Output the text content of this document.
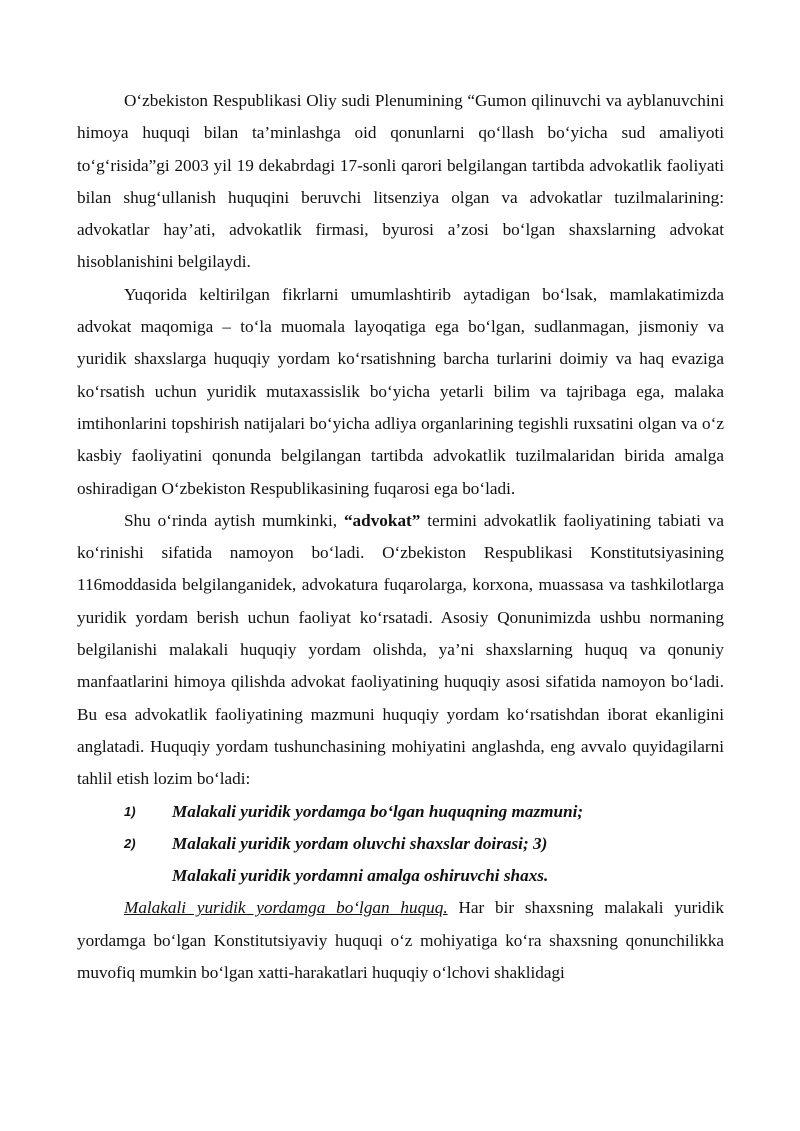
O‘zbekiston Respublikasi Oliy sudi Plenumining “Gumon qilinuvchi va ayblanuvchini himoya huquqi bilan ta’minlashga oid qonunlarni qo‘llash bo‘yicha sud amaliyoti to‘g‘risida”gi 2003 yil 19 dekabrdagi 17-sonli qarori belgilangan tartibda advokatlik faoliyati bilan shug‘ullanish huquqini beruvchi litsenziya olgan va advokatlar tuzilmalarining: advokatlar hay’ati, advokatlik firmasi, byurosi a’zosi bo‘lgan shaxslarning advokat hisoblanishini belgilaydi.

Yuqorida keltirilgan fikrlarni umumlashtirib aytadigan bo‘lsak, mamlakatimizda advokat maqomiga – to‘la muomala layoqatiga ega bo‘lgan, sudlanmagan, jismoniy va yuridik shaxslarga huquqiy yordam ko‘rsatishning barcha turlarini doimiy va haq evaziga ko‘rsatish uchun yuridik mutaxassislik bo‘yicha yetarli bilim va tajribaga ega, malaka imtihonlarini topshirish natijalari bo‘yicha adliya organlarining tegishli ruxsatini olgan va o‘z kasbiy faoliyatini qonunda belgilangan tartibda advokatlik tuzilmalaridan birida amalga oshiradigan O‘zbekiston Respublikasining fuqarosi ega bo‘ladi.

Shu o‘rinda aytish mumkinki, “advokat” termini advokatlik faoliyatining tabiati va ko‘rinishi sifatida namoyon bo‘ladi. O‘zbekiston Respublikasi Konstitutsiyasining 116moddasida belgilanganidek, advokatura fuqarolarga, korxona, muassasa va tashkilotlarga yuridik yordam berish uchun faoliyat ko‘rsatadi. Asosiy Qonunimizda ushbu normaning belgilanishi malakali huquqiy yordam olishda, ya’ni shaxslarning huquq va qonuniy manfaatlarini himoya qilishda advokat faoliyatining huquqiy asosi sifatida namoyon bo‘ladi. Bu esa advokatlik faoliyatining mazmuni huquqiy yordam ko‘rsatishdan iborat ekanligini anglatadi. Huquqiy yordam tushunchasining mohiyatini anglashda, eng avvalo quyidagilarni tahlil etish lozim bo‘ladi:

1)	Malakali yuridik yordamga bo‘lgan huquqning mazmuni;
2)	Malakali yuridik yordam oluvchi shaxslar doirasi; 3)
Malakali yuridik yordamni amalga oshiruvchi shaxs.

Malakali yuridik yordamga bo‘lgan huquq. Har bir shaxsning malakali yuridik yordamga bo‘lgan Konstitutsiyaviy huquqi o‘z mohiyatiga ko‘ra shaxsning qonunchilikka muvofiq mumkin bo‘lgan xatti-harakatlari huquqiy o‘lchovi shaklidagi
